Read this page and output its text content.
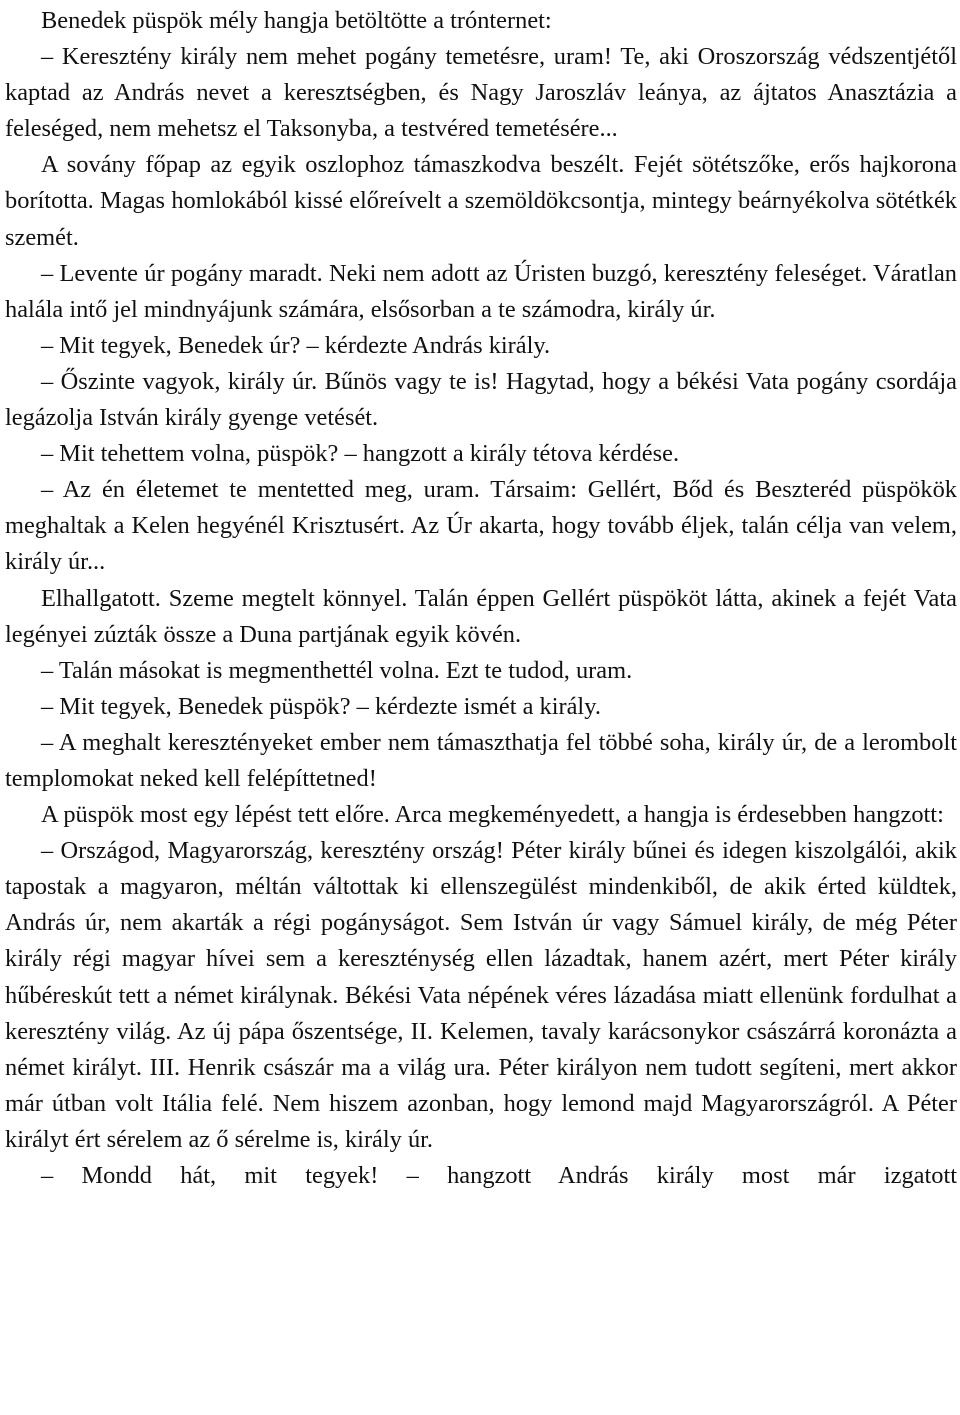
Benedek püspök mély hangja betöltötte a trónternet:

– Keresztény király nem mehet pogány temetésre, uram! Te, aki Oroszország védszentjétől kaptad az András nevet a keresztségben, és Nagy Jaroszláv leánya, az ájtatos Anasztázia a feleséged, nem mehetsz el Taksonyba, a testvéred temetésére...

A sovány főpap az egyik oszlophoz támaszkodva beszélt. Fejét sötétszőke, erős hajkorona borította. Magas homlokából kissé előreívelt a szemöldökcsontja, mintegy beárnyékolva sötétkék szemét.

– Levente úr pogány maradt. Neki nem adott az Úristen buzgó, keresztény feleséget. Váratlan halála intő jel mindnyájunk számára, elsősorban a te számodra, király úr.

– Mit tegyek, Benedek úr? – kérdezte András király.

– Őszinte vagyok, király úr. Bűnös vagy te is! Hagytad, hogy a békési Vata pogány csordája legázolja István király gyenge vetését.

– Mit tehettem volna, püspök? – hangzott a király tétova kérdése.

– Az én életemet te mentetted meg, uram. Társaim: Gellért, Bőd és Beszteréd püspökök meghaltak a Kelen hegyénél Krisztusért. Az Úr akarta, hogy tovább éljek, talán célja van velem, király úr...

Elhallgatott. Szeme megtelt könnyel. Talán éppen Gellért püspököt látta, akinek a fejét Vata legényei zúzták össze a Duna partjának egyik kövén.

– Talán másokat is megmenthettél volna. Ezt te tudod, uram.

– Mit tegyek, Benedek püspök? – kérdezte ismét a király.

– A meghalt keresztényeket ember nem támaszthatja fel többé soha, király úr, de a lerombolt templomokat neked kell felépíttetned!

A püspök most egy lépést tett előre. Arca megkeményedett, a hangja is érdesebben hangzott:

– Országod, Magyarország, keresztény ország! Péter király bűnei és idegen kiszolgálói, akik tapostak a magyaron, méltán váltottak ki ellenszegülést mindenkiből, de akik érted küldtek, András úr, nem akarták a régi pogányságot. Sem István úr vagy Sámuel király, de még Péter király régi magyar hívei sem a kereszténység ellen lázadtak, hanem azért, mert Péter király hűbéreskút tett a német királynak. Békési Vata népének véres lázadása miatt ellenünk fordulhat a keresztény világ. Az új pápa őszentsége, II. Kelemen, tavaly karácsonykor császárrá koronázta a német királyt. III. Henrik császár ma a világ ura. Péter királyon nem tudott segíteni, mert akkor már útban volt Itália felé. Nem hiszem azonban, hogy lemond majd Magyarországról. A Péter királyt ért sérelem az ő sérelme is, király úr.

– Mondd hát, mit tegyek! – hangzott András király most már izgatott
